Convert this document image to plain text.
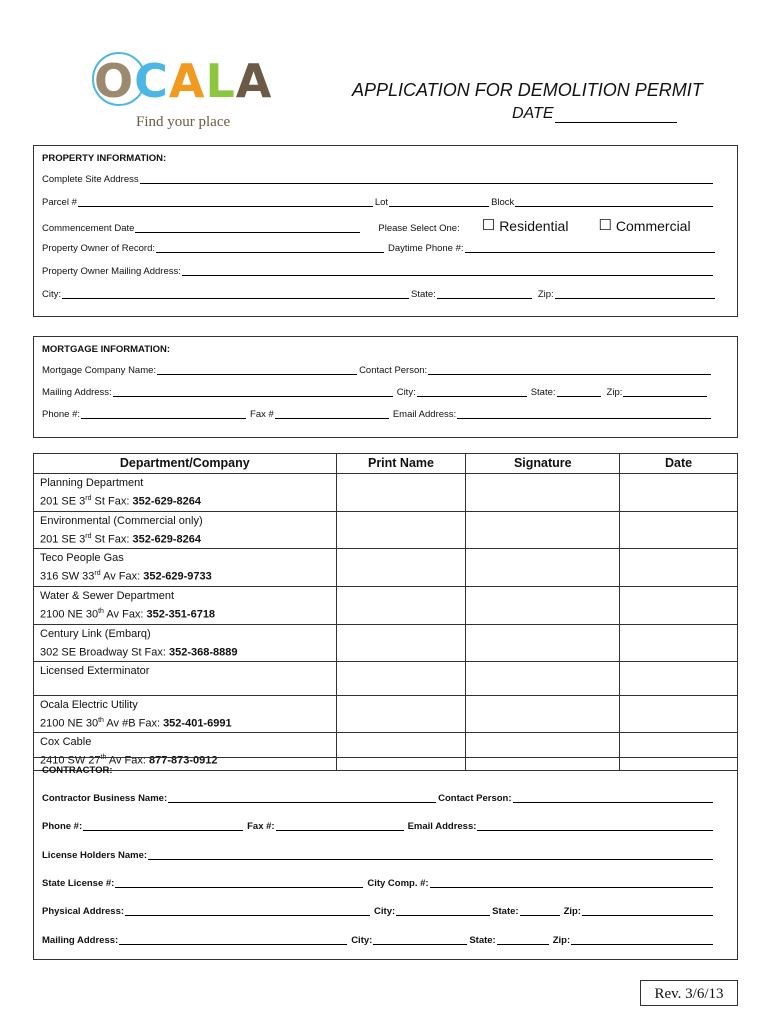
O C A L A
Find your place
APPLICATION FOR DEMOLITION PERMIT
DATE
PROPERTY INFORMATION:
Complete Site Address
Parcel #	Lot	Block
Commencement Date	Please Select One: ☐ Residential ☐ Commercial
Property Owner of Record:	Daytime Phone #:
Property Owner Mailing Address:
City:	State:	Zip:
MORTGAGE INFORMATION:
Mortgage Company Name:	Contact Person:
Mailing Address:	City:	State:	Zip:
Phone #:	Fax #	Email Address:
Department/Company	Print Name	Signature	Date

Planning Department
201 SE 3rd St Fax: 352-629-8264			

Environmental (Commercial only)
201 SE 3rd St Fax: 352-629-8264			

Teco People Gas
316 SW 33rd Av Fax: 352-629-9733			

Water & Sewer Department
2100 NE 30th Av Fax: 352-351-6718			

Century Link (Embarq)
302 SE Broadway St Fax: 352-368-8889			

Licensed Exterminator			

Ocala Electric Utility
2100 NE 30th Av #B Fax: 352-401-6991			

Cox Cable
2410 SW 27th Av Fax: 877-873-0912			

CONTRACTOR:
Contractor Business Name:	Contact Person:
Phone #:	Fax #:	Email Address:
License Holders Name:
State License #:	City Comp. #:
Physical Address:	City:	State:	Zip:
Mailing Address:	City:	State:	Zip:
Rev. 3/6/13
